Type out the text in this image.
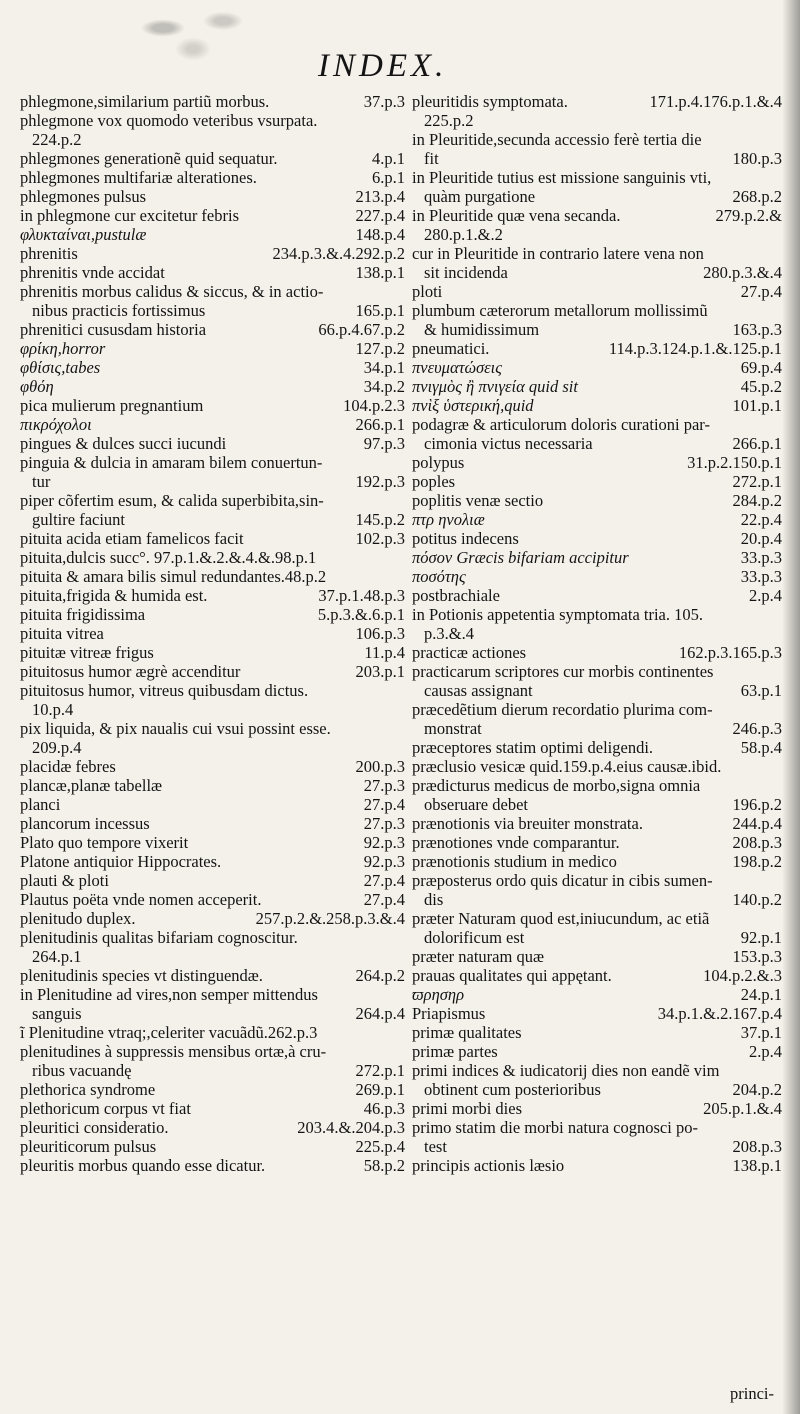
INDEX.
37.p.3
phlegmone,similarium partiũ morbus.
phlegmone vox quomodo veteribus vsurpata.
224.p.2
4.p.1
phlegmones generationẽ quid sequatur.
6.p.1
phlegmones multifariæ alterationes.
213.p.4
phlegmones pulsus
227.p.4
in phlegmone cur excitetur febris
148.p.4
φλυκταίναι,pustulæ
234.p.3.&.4.292.p.2
phrenitis
138.p.1
phrenitis vnde accidat
phrenitis morbus calidus & siccus, & in actio-
165.p.1
nibus practicis fortissimus
66.p.4.67.p.2
phrenitici cususdam historia
127.p.2
φρίκη,horror
34.p.1
φθίσις,tabes
34.p.2
φθόη
104.p.2.3
pica mulierum pregnantium
266.p.1
πικρόχολοι
97.p.3
pingues & dulces succi iucundi
pinguia & dulcia in amaram bilem conuertun-
192.p.3
tur
piper cõfertim esum, & calida superbibita,sin-
145.p.2
gultire faciunt
102.p.3
pituita acida etiam famelicos facit
pituita,dulcis succ°. 97.p.1.&.2.&.4.&.98.p.1
pituita & amara bilis simul redundantes.48.p.2
37.p.1.48.p.3
pituita,frigida & humida est.
5.p.3.&.6.p.1
pituita frigidissima
106.p.3
pituita vitrea
11.p.4
pituitæ vitreæ frigus
203.p.1
pituitosus humor ægrè accenditur
pituitosus humor, vitreus quibusdam dictus.
10.p.4
pix liquida, & pix naualis cui vsui possint esse.
209.p.4
200.p.3
placidæ febres
27.p.3
plancæ,planæ tabellæ
27.p.4
planci
27.p.3
plancorum incessus
92.p.3
Plato quo tempore vixerit
92.p.3
Platone antiquior Hippocrates.
27.p.4
plauti & ploti
27.p.4
Plautus poëta vnde nomen acceperit.
257.p.2.&.258.p.3.&.4
plenitudo duplex.
plenitudinis qualitas bifariam cognoscitur.
264.p.1
264.p.2
plenitudinis species vt distinguendæ.
in Plenitudine ad vires,non semper mittendus
264.p.4
sanguis
ĩ Plenitudine vtraq;,celeriter vacuãdũ.262.p.3
plenitudines à suppressis mensibus ortæ,à cru-
272.p.1
ribus vacuandę
269.p.1
plethorica syndrome
46.p.3
plethoricum corpus vt fiat
203.4.&.204.p.3
pleuritici consideratio.
225.p.4
pleuriticorum pulsus
58.p.2
pleuritis morbus quando esse dicatur.
171.p.4.176.p.1.&.4
pleuritidis symptomata.
225.p.2
in Pleuritide,secunda accessio ferè tertia die
180.p.3
fit
in Pleuritide tutius est missione sanguinis vti,
268.p.2
quàm purgatione
279.p.2.&
in Pleuritide quæ vena secanda.
280.p.1.&.2
cur in Pleuritide in contrario latere vena non
280.p.3.&.4
sit incidenda
27.p.4
ploti
plumbum cæterorum metallorum mollissimũ
163.p.3
& humidissimum
114.p.3.124.p.1.&.125.p.1
pneumatici.
69.p.4
πνευματώσεις
45.p.2
πνιγμὸς ἢ πνιγεία quid sit
101.p.1
πνὶξ ὑστερική,quid
podagræ & articulorum doloris curationi par-
266.p.1
cimonia victus necessaria
31.p.2.150.p.1
polypus
272.p.1
poples
284.p.2
poplitis venæ sectio
22.p.4
πτρ ηνολιæ
20.p.4
potitus indecens
33.p.3
πόσον Græcis bifariam accipitur
33.p.3
ποσότης
2.p.4
postbrachiale
in Potionis appetentia symptomata tria. 105.
p.3.&.4
162.p.3.165.p.3
practicæ actiones
practicarum scriptores cur morbis continentes
63.p.1
causas assignant
præcedẽtium dierum recordatio plurima com-
246.p.3
monstrat
58.p.4
præceptores statim optimi deligendi.
præclusio vesicæ quid.159.p.4.eius causæ.ibid.
prædicturus medicus de morbo,signa omnia
196.p.2
obseruare debet
244.p.4
prænotionis via breuiter monstrata.
208.p.3
prænotiones vnde comparantur.
198.p.2
prænotionis studium in medico
præposterus ordo quis dicatur in cibis sumen-
140.p.2
dis
præter Naturam quod est,iniucundum, ac etiã
92.p.1
dolorificum est
153.p.3
præter naturam quæ
104.p.2.&.3
prauas qualitates qui appętant.
24.p.1
ϖρησηρ
34.p.1.&.2.167.p.4
Priapismus
37.p.1
primæ qualitates
2.p.4
primæ partes
primi indices & iudicatorij dies non eandẽ vim
204.p.2
obtinent cum posterioribus
205.p.1.&.4
primi morbi dies
primo statim die morbi natura cognosci po-
208.p.3
test
138.p.1
principis actionis læsio
princi-
